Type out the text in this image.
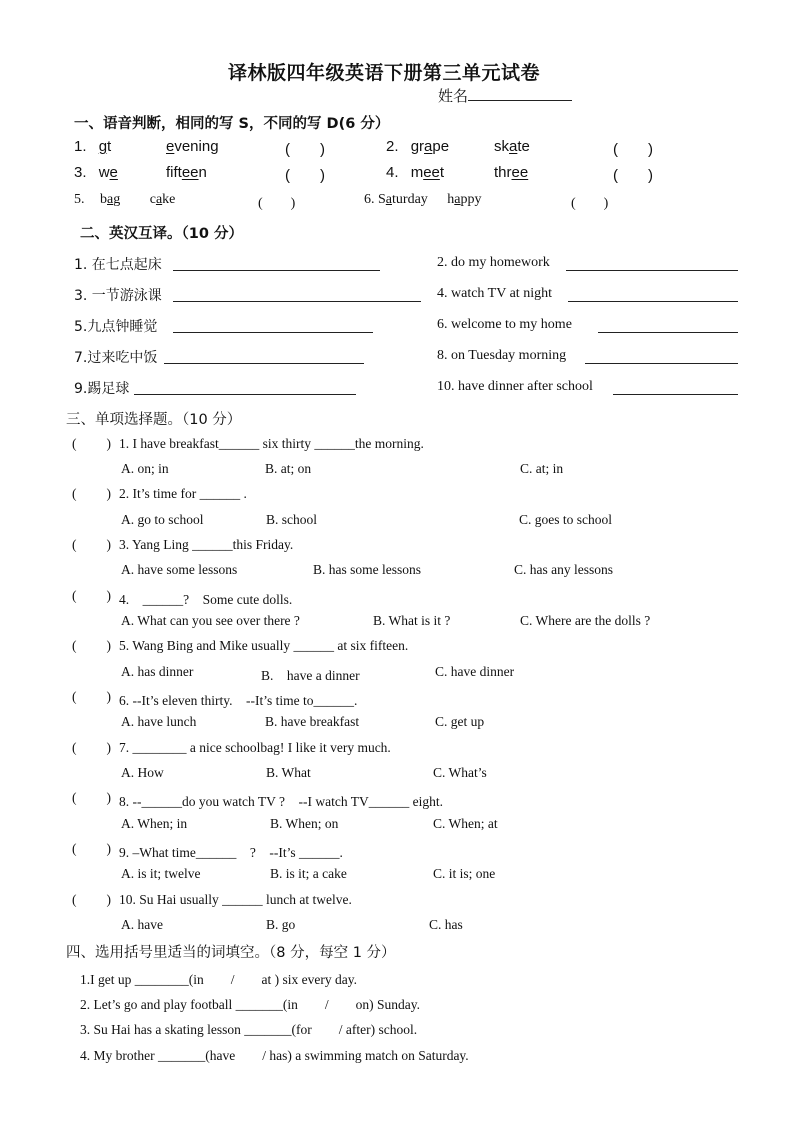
译林版四年级英语下册第三单元试卷
姓名
一、语音判断，相同的写 S，不同的写 D(6 分）
1. gt	evening	(　　)	2. grape	skate	(　　)
3. we	fifteen	(　　)	4. meet	three	(　　)
5. bag cake	(　　)	6. Saturday happy	(　　)
二、英汉互译。（10 分）
1. 在七点起床	2. do my homework
3. 一节游泳课	4. watch TV at night
5.九点钟睡觉	6. welcome to my home
7.过来吃中饭	8. on Tuesday morning
9.踢足球	10. have dinner after school
三、单项选择题。（10 分）
( ) 1. I have breakfast______ six thirty ______the morning.
A. on; in	B. at; on	C. at; in
( ) 2. It’s time for ______ .
A. go to school	B. school	C. goes to school
( ) 3. Yang Ling ______this Friday.
A. have some lessons	B. has some lessons	C. has any lessons
( ) 4.　______?　Some cute dolls.
A. What can you see over there ?	B. What is it ?	C. Where are the dolls ?
( ) 5. Wang Bing and Mike usually ______ at six fifteen.
A. has dinner	B.　have a dinner	C. have dinner
( ) 6. --It’s eleven thirty.　--It’s time to______.
A. have lunch	B. have breakfast	C. get up
( ) 7. ________ a nice schoolbag! I like it very much.
A. How	B. What	C. What’s
( ) 8. --______do you watch TV ?　--I watch TV______ eight.
A. When; in	B. When; on	C. When; at
( ) 9. –What time______　?　--It’s ______.
A. is it; twelve	B. is it; a cake	C. it is; one
( ) 10. Su Hai usually ______ lunch at twelve.
A. have	B. go	C. has
四、选用括号里适当的词填空。（8 分，每空 1 分）
1.I get up ________(in　　/　　at ) six every day.
2. Let’s go and play football _______(in　　/　　on) Sunday.
3. Su Hai has a skating lesson _______(for　　/ after) school.
4. My brother _______(have　　/ has) a swimming match on Saturday.
